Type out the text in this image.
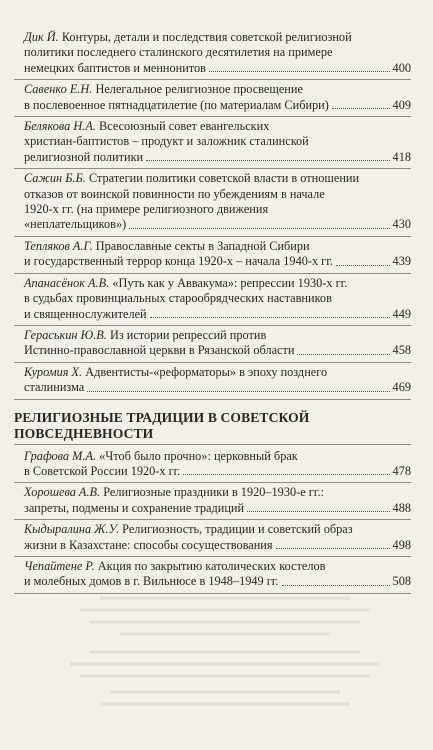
Дик Й. Контуры, детали и последствия советской религиозной
политики последнего сталинского десятилетия на примере
немецких баптистов и меннонитов	400
Савенко Е.Н. Нелегальное религиозное просвещение
в послевоенное пятнадцатилетие (по материалам Сибири)	409
Белякова Н.А. Всесоюзный совет евангельских
христиан-баптистов – продукт и заложник сталинской
религиозной политики	418
Сажин Б.Б. Стратегии политики советской власти в отношении
отказов от воинской повинности по убеждениям в начале
1920-х гг. (на примере религиозного движения
«неплательщиков»)	430
Тепляков А.Г. Православные секты в Западной Сибири
и государственный террор конца 1920-х – начала 1940-х гг.	439
Апанасёнок А.В. «Путь как у Аввакума»: репрессии 1930-х гг.
в судьбах провинциальных старообрядческих наставников
и священнослужителей	449
Гераськин Ю.В. Из истории репрессий против
Истинно-православной церкви в Рязанской области	458
Куромия Х. Адвентисты-«реформаторы» в эпоху позднего
сталинизма	469
РЕЛИГИОЗНЫЕ ТРАДИЦИИ В СОВЕТСКОЙ
ПОВСЕДНЕВНОСТИ
Графова М.А. «Чтоб было прочно»: церковный брак
в Советской России 1920-х гг.	478
Хорошева А.В. Религиозные праздники в 1920–1930-е гг.:
запреты, подмены и сохранение традиций	488
Кыдыралина Ж.У. Религиозность, традиции и советский образ
жизни в Казахстане: способы сосуществования	498
Чепайтене Р. Акция по закрытию католических костелов
и молебных домов в г. Вильнюсе в 1948–1949 гг.	508
